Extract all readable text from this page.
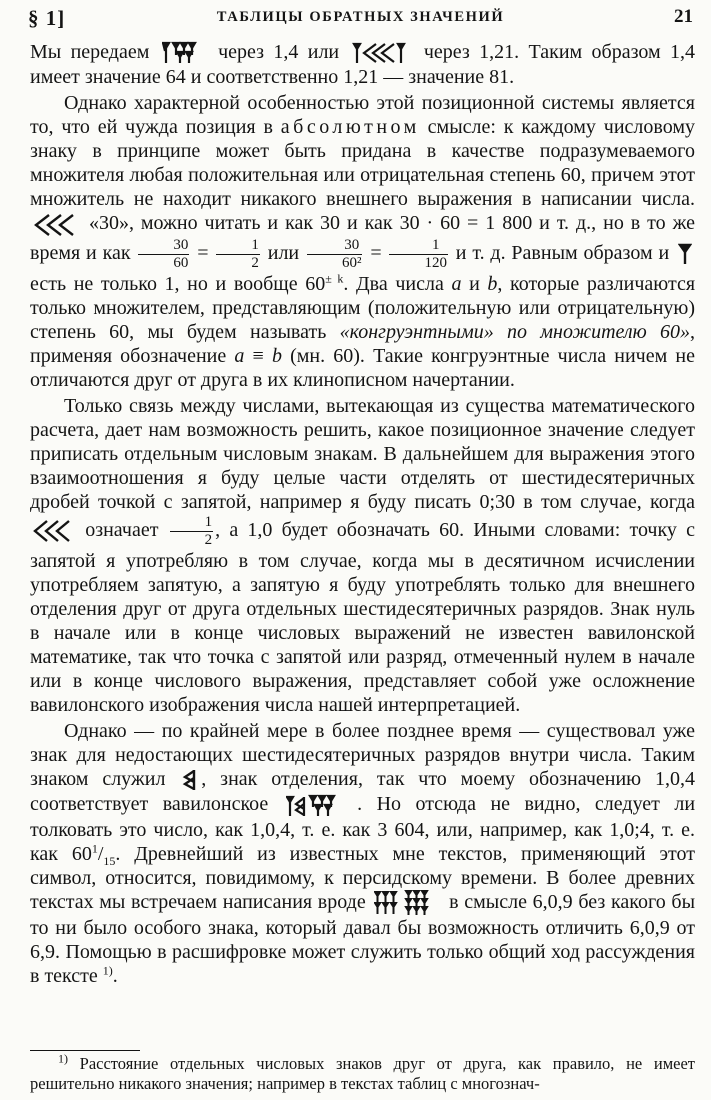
§ 1]	ТАБЛИЦЫ ОБРАТНЫХ ЗНАЧЕНИЙ	21

Мы передаем	через 1,4 или	через 1,21. Таким образом 1,4 имеет значение 64 и соответственно 1,21 — значение 81.

Однако характерной особенностью этой позиционной системы является то, что ей чужда позиция в абсолютном смысле: к каждому числовому знаку в принципе может быть придана в качестве подразумеваемого множителя любая положительная или отрицательная степень 60, причем этот множитель не находит никакого внешнего выражения в написании числа.
«30», можно читать и как 30 и как 30 · 60 = 1 800 и т. д., но в то же время и как $\frac{30}{60} = \frac{1}{2}$ или $\frac{30}{\text{60²}} = \frac{1}{120}$ и т. д. Равным образом и
есть не только 1, но и вообще $60^{\pm k}$. Два числа a и b, которые различаются только множителем, представляющим (положительную или отрицательную) степень 60, мы будем называть «конгруэнтными» по множителю 60», применяя обозначение a ≡ b (мн. 60). Такие конгруэнтные числа ничем не отличаются друг от друга в их клинописном начертании.

Только связь между числами, вытекающая из существа математического расчета, дает нам возможность решить, какое позиционное значение следует приписать отдельным числовым знакам. В дальнейшем для выражения этого взаимоотношения я буду целые части отделять от шестидесятеричных дробей точкой с запятой, например я буду писать 0;30 в том случае, когда
означает $\frac{1}{2}$ , а 1,0 будет обозначать 60. Иными словами: точку с запятой я употребляю в том случае, когда мы в десятичном исчислении употребляем запятую, а запятую я буду употреблять только для внешнего отделения друг от друга отдельных шестидесятеричных разрядов. Знак нуль в начале или в конце числовых выражений не известен вавилонской математике, так что точка с запятой или разряд, отмеченный нулем в начале или в конце числового выражения, представляет собой уже осложнение вавилонского изображения числа нашей интерпретацией.

Однако — по крайней мере в более позднее время — существовал уже знак для недостающих шестидесятеричных разрядов внутри числа. Таким знаком служил , знак отделения, так что моему обозначению 1,0,4 соответствует вавилонское	. Но отсюда не видно, следует ли толковать это число, как 1,0,4, т. е. как 3 604, или, например, как 1,0;4, т. е. как $60^1/_{15}$. Древнейший из известных мне текстов, применяющий этот символ, относится, повидимому, к персидскому времени. В более древних текстах мы встречаем написания вроде	в смысле 6,0,9 без какого бы то ни было особого знака, который давал бы возможность отличить 6,0,9 от 6,9. Помощью в расшифровке может служить только общий ход рассуждения в тексте $^{1)}$.

$^{1)}$ Расстояние отдельных числовых знаков друг от друга, как правило, не имеет решительно никакого значения; например в текстах таблиц с многознач-
